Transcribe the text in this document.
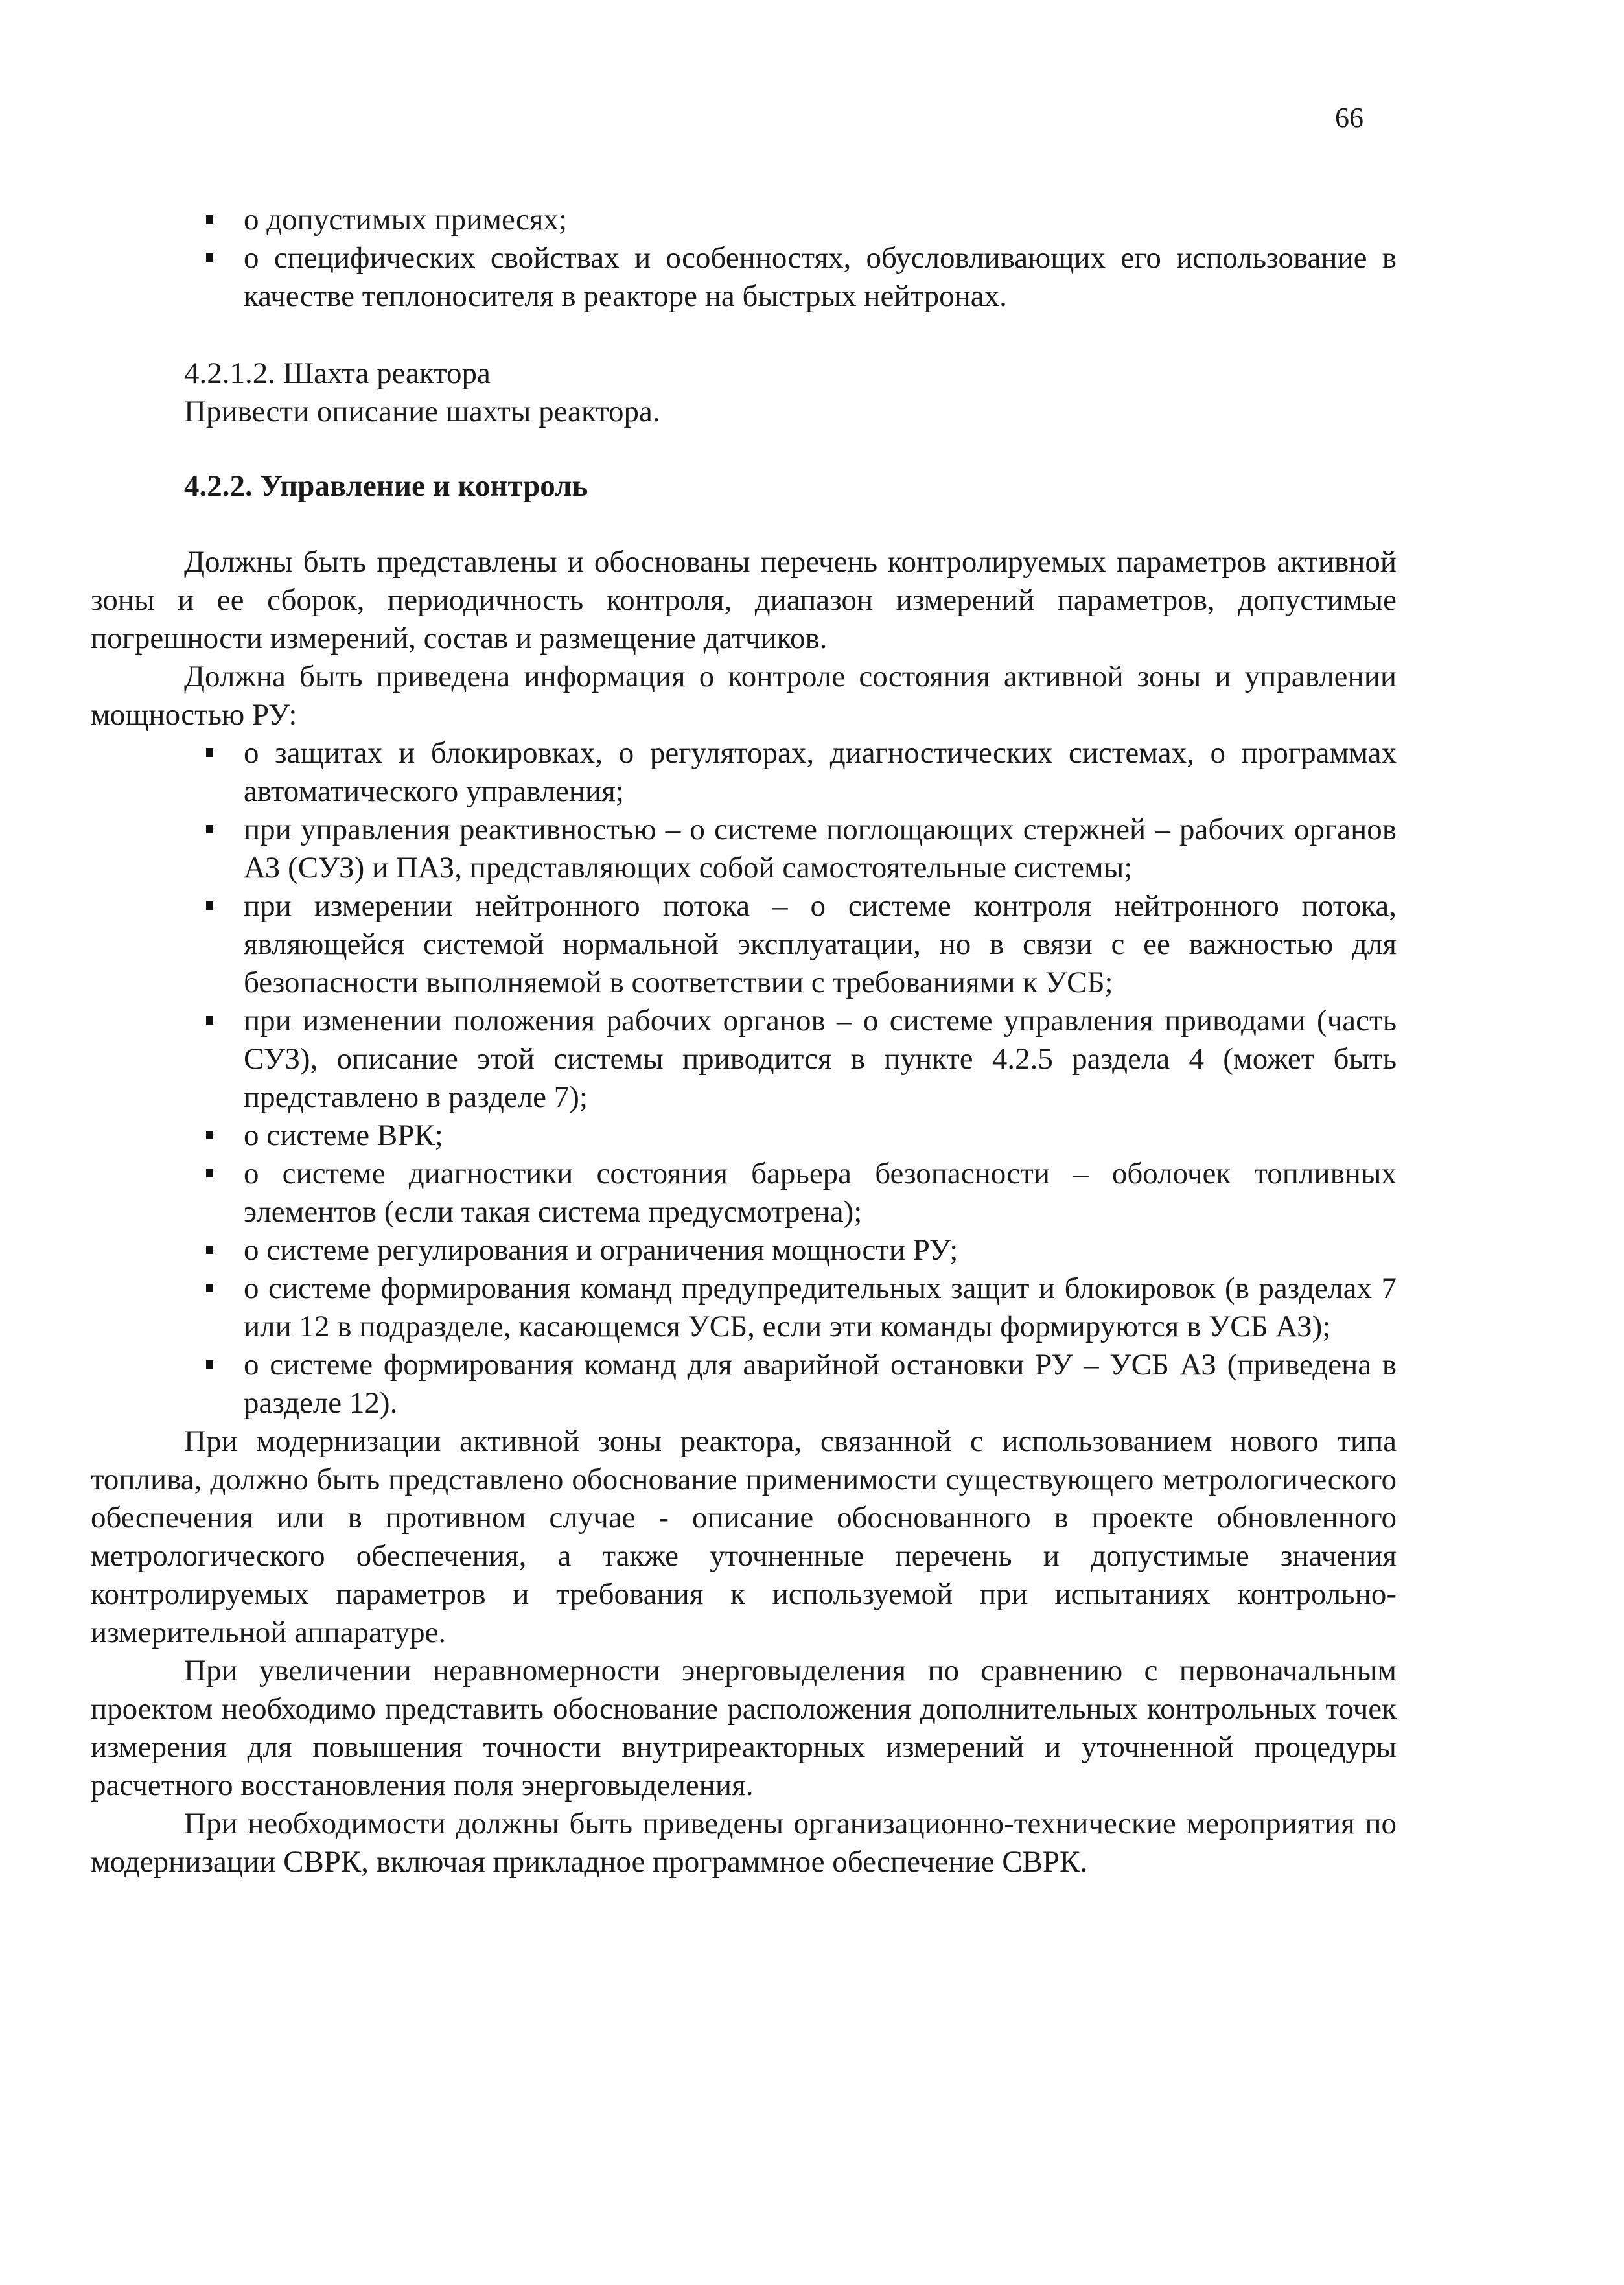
66
о допустимых примесях;
о специфических свойствах и особенностях, обусловливающих его использование в качестве теплоносителя в реакторе на быстрых нейтронах.

4.2.1.2. Шахта реактора

Привести описание шахты реактора.

4.2.2. Управление и контроль

Должны быть представлены и обоснованы перечень контролируемых параметров активной зоны и ее сборок, периодичность контроля, диапазон измерений параметров, допустимые погрешности измерений, состав и размещение датчиков.

Должна быть приведена информация о контроле состояния активной зоны и управлении мощностью РУ:

о защитах и блокировках, о регуляторах, диагностических системах, о программах автоматического управления;
при управления реактивностью – о системе поглощающих стержней – рабочих органов АЗ (СУЗ) и ПАЗ, представляющих собой самостоятельные системы;
при измерении нейтронного потока – о системе контроля нейтронного потока, являющейся системой нормальной эксплуатации, но в связи с ее важностью для безопасности выполняемой в соответствии с требованиями к УСБ;
при изменении положения рабочих органов – о системе управления приводами (часть СУЗ), описание этой системы приводится в пункте 4.2.5 раздела 4 (может быть представлено в разделе 7);
о системе ВРК;
о системе диагностики состояния барьера безопасности – оболочек топливных элементов (если такая система предусмотрена);
о системе регулирования и ограничения мощности РУ;
о системе формирования команд предупредительных защит и блокировок (в разделах 7 или 12 в подразделе, касающемся УСБ, если эти команды формируются в УСБ АЗ);
о системе формирования команд для аварийной остановки РУ – УСБ АЗ (приведена в разделе 12).

При модернизации активной зоны реактора, связанной с использованием нового типа топлива, должно быть представлено обоснование применимости существующего метрологического обеспечения или в противном случае - описание обоснованного в проекте обновленного метрологического обеспечения, а также уточненные перечень и допустимые значения контролируемых параметров и требования к используемой при испытаниях контрольно-измерительной аппаратуре.

При увеличении неравномерности энерговыделения по сравнению с первоначальным проектом необходимо представить обоснование расположения дополнительных контрольных точек измерения для повышения точности внутриреакторных измерений и уточненной процедуры расчетного восстановления поля энерговыделения.

При необходимости должны быть приведены организационно-технические мероприятия по модернизации СВРК, включая прикладное программное обеспечение СВРК.
